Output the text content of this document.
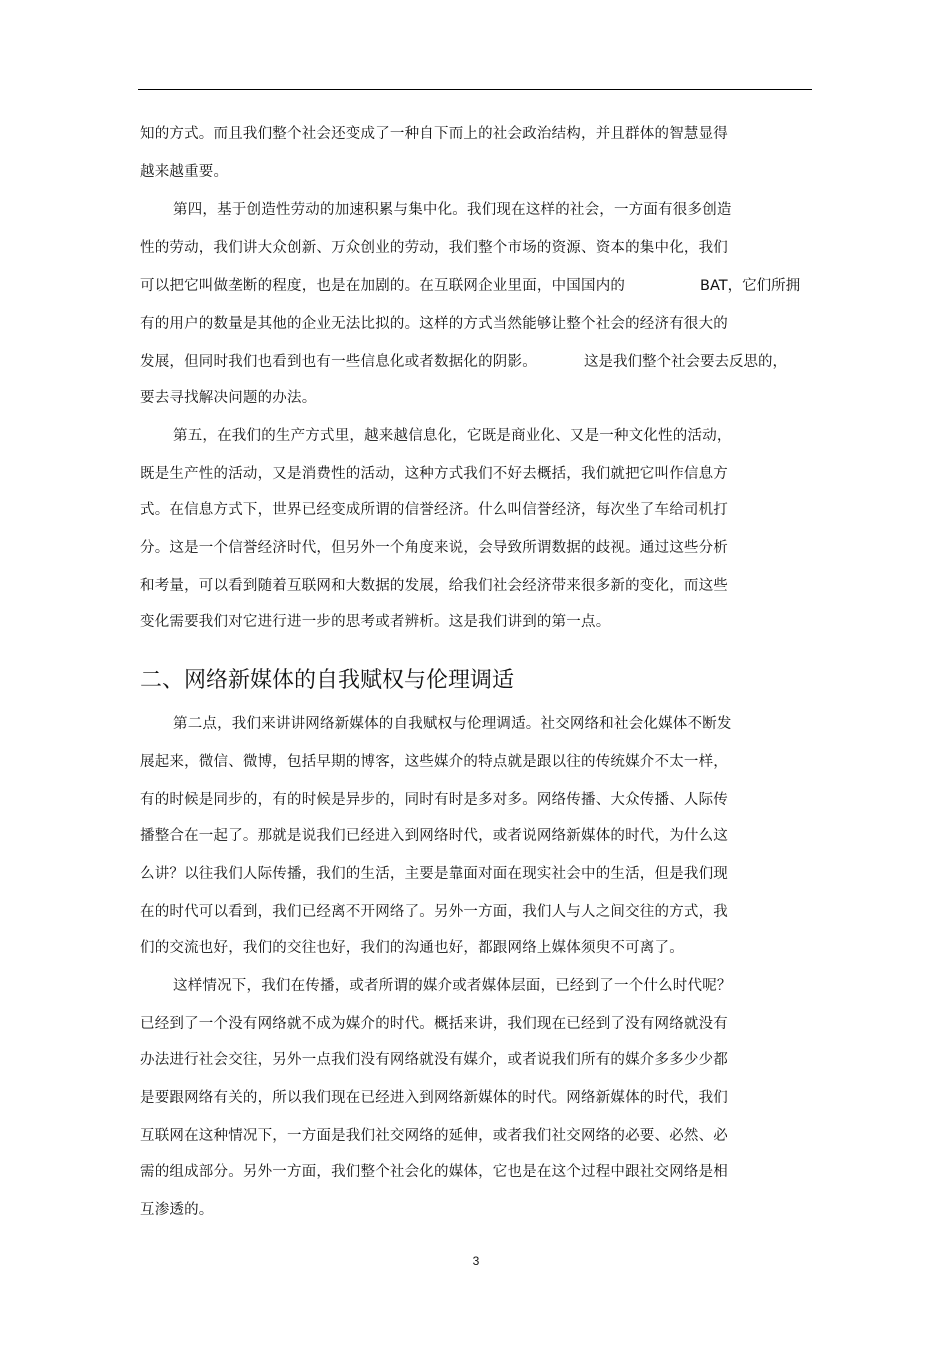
知的方式。而且我们整个社会还变成了一种自下而上的社会政治结构，并且群体的智慧显得
越来越重要。
第四，基于创造性劳动的加速积累与集中化。我们现在这样的社会，一方面有很多创造
性的劳动，我们讲大众创新、万众创业的劳动，我们整个市场的资源、资本的集中化，我们
可以把它叫做垄断的程度，也是在加剧的。在互联网企业里面，中国国内的	BAT，它们所拥
有的用户的数量是其他的企业无法比拟的。这样的方式当然能够让整个社会的经济有很大的
发展，但同时我们也看到也有一些信息化或者数据化的阴影。	这是我们整个社会要去反思的，
要去寻找解决问题的办法。
第五，在我们的生产方式里，越来越信息化，它既是商业化、又是一种文化性的活动，
既是生产性的活动，又是消费性的活动，这种方式我们不好去概括，我们就把它叫作信息方
式。在信息方式下，世界已经变成所谓的信誉经济。什么叫信誉经济，每次坐了车给司机打
分。这是一个信誉经济时代，但另外一个角度来说，会导致所谓数据的歧视。通过这些分析
和考量，可以看到随着互联网和大数据的发展，给我们社会经济带来很多新的变化，而这些
变化需要我们对它进行进一步的思考或者辨析。这是我们讲到的第一点。
二、网络新媒体的自我赋权与伦理调适
第二点，我们来讲讲网络新媒体的自我赋权与伦理调适。社交网络和社会化媒体不断发
展起来，微信、微博，包括早期的博客，这些媒介的特点就是跟以往的传统媒介不太一样，
有的时候是同步的，有的时候是异步的，同时有时是多对多。网络传播、大众传播、人际传
播整合在一起了。那就是说我们已经进入到网络时代，或者说网络新媒体的时代，为什么这
么讲？以往我们人际传播，我们的生活，主要是靠面对面在现实社会中的生活，但是我们现
在的时代可以看到，我们已经离不开网络了。另外一方面，我们人与人之间交往的方式，我
们的交流也好，我们的交往也好，我们的沟通也好，都跟网络上媒体须臾不可离了。
这样情况下，我们在传播，或者所谓的媒介或者媒体层面，已经到了一个什么时代呢？
已经到了一个没有网络就不成为媒介的时代。概括来讲，我们现在已经到了没有网络就没有
办法进行社会交往，另外一点我们没有网络就没有媒介，或者说我们所有的媒介多多少少都
是要跟网络有关的，所以我们现在已经进入到网络新媒体的时代。网络新媒体的时代，我们
互联网在这种情况下，一方面是我们社交网络的延伸，或者我们社交网络的必要、必然、必
需的组成部分。另外一方面，我们整个社会化的媒体，它也是在这个过程中跟社交网络是相
互渗透的。
3
